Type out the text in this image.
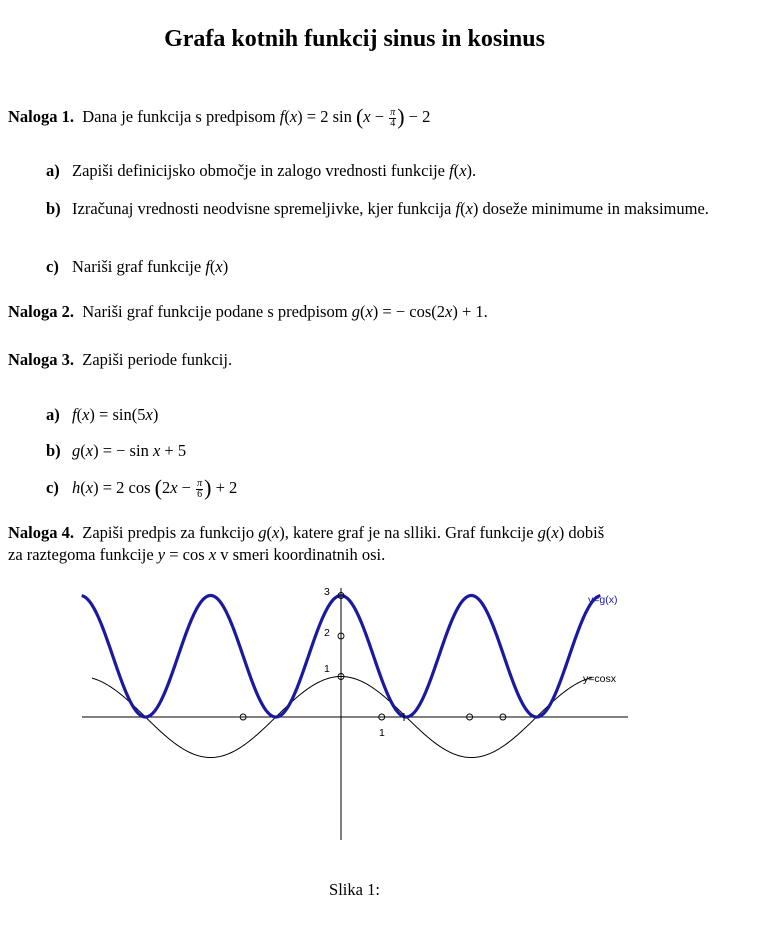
Grafa kotnih funkcij sinus in kosinus
Naloga 1. Dana je funkcija s predpisom f(x) = 2 $\sin (x - \frac{\pi}{4}$ ) − 2
a) Zapiši definicijsko območje in zalogo vrednosti funkcije f(x).
b) Izračunaj vrednosti neodvisne spremeljivke, kjer funkcija f(x) doseže minimume in maksimume.
c) Nariši graf funkcije f(x)
Naloga 2. Nariši graf funkcije podane s predpisom g(x) = − cos(2x) + 1.
Naloga 3. Zapiši periode funkcij.
a) f(x) = sin(5x)
b) g(x) = − sin x + 5
c) h(x) = 2 $\cos (2x - \frac{\pi}{6}$ ) + 2
Naloga 4. Zapiši predpis za funkcijo g(x), katere graf je na slliki. Graf funkcije g(x) dobiš
za raztegoma funkcije y = cos x v smeri koordinatnih osi.
3
2
1
1
y=g(x)
y=cosx
Slika 1:
